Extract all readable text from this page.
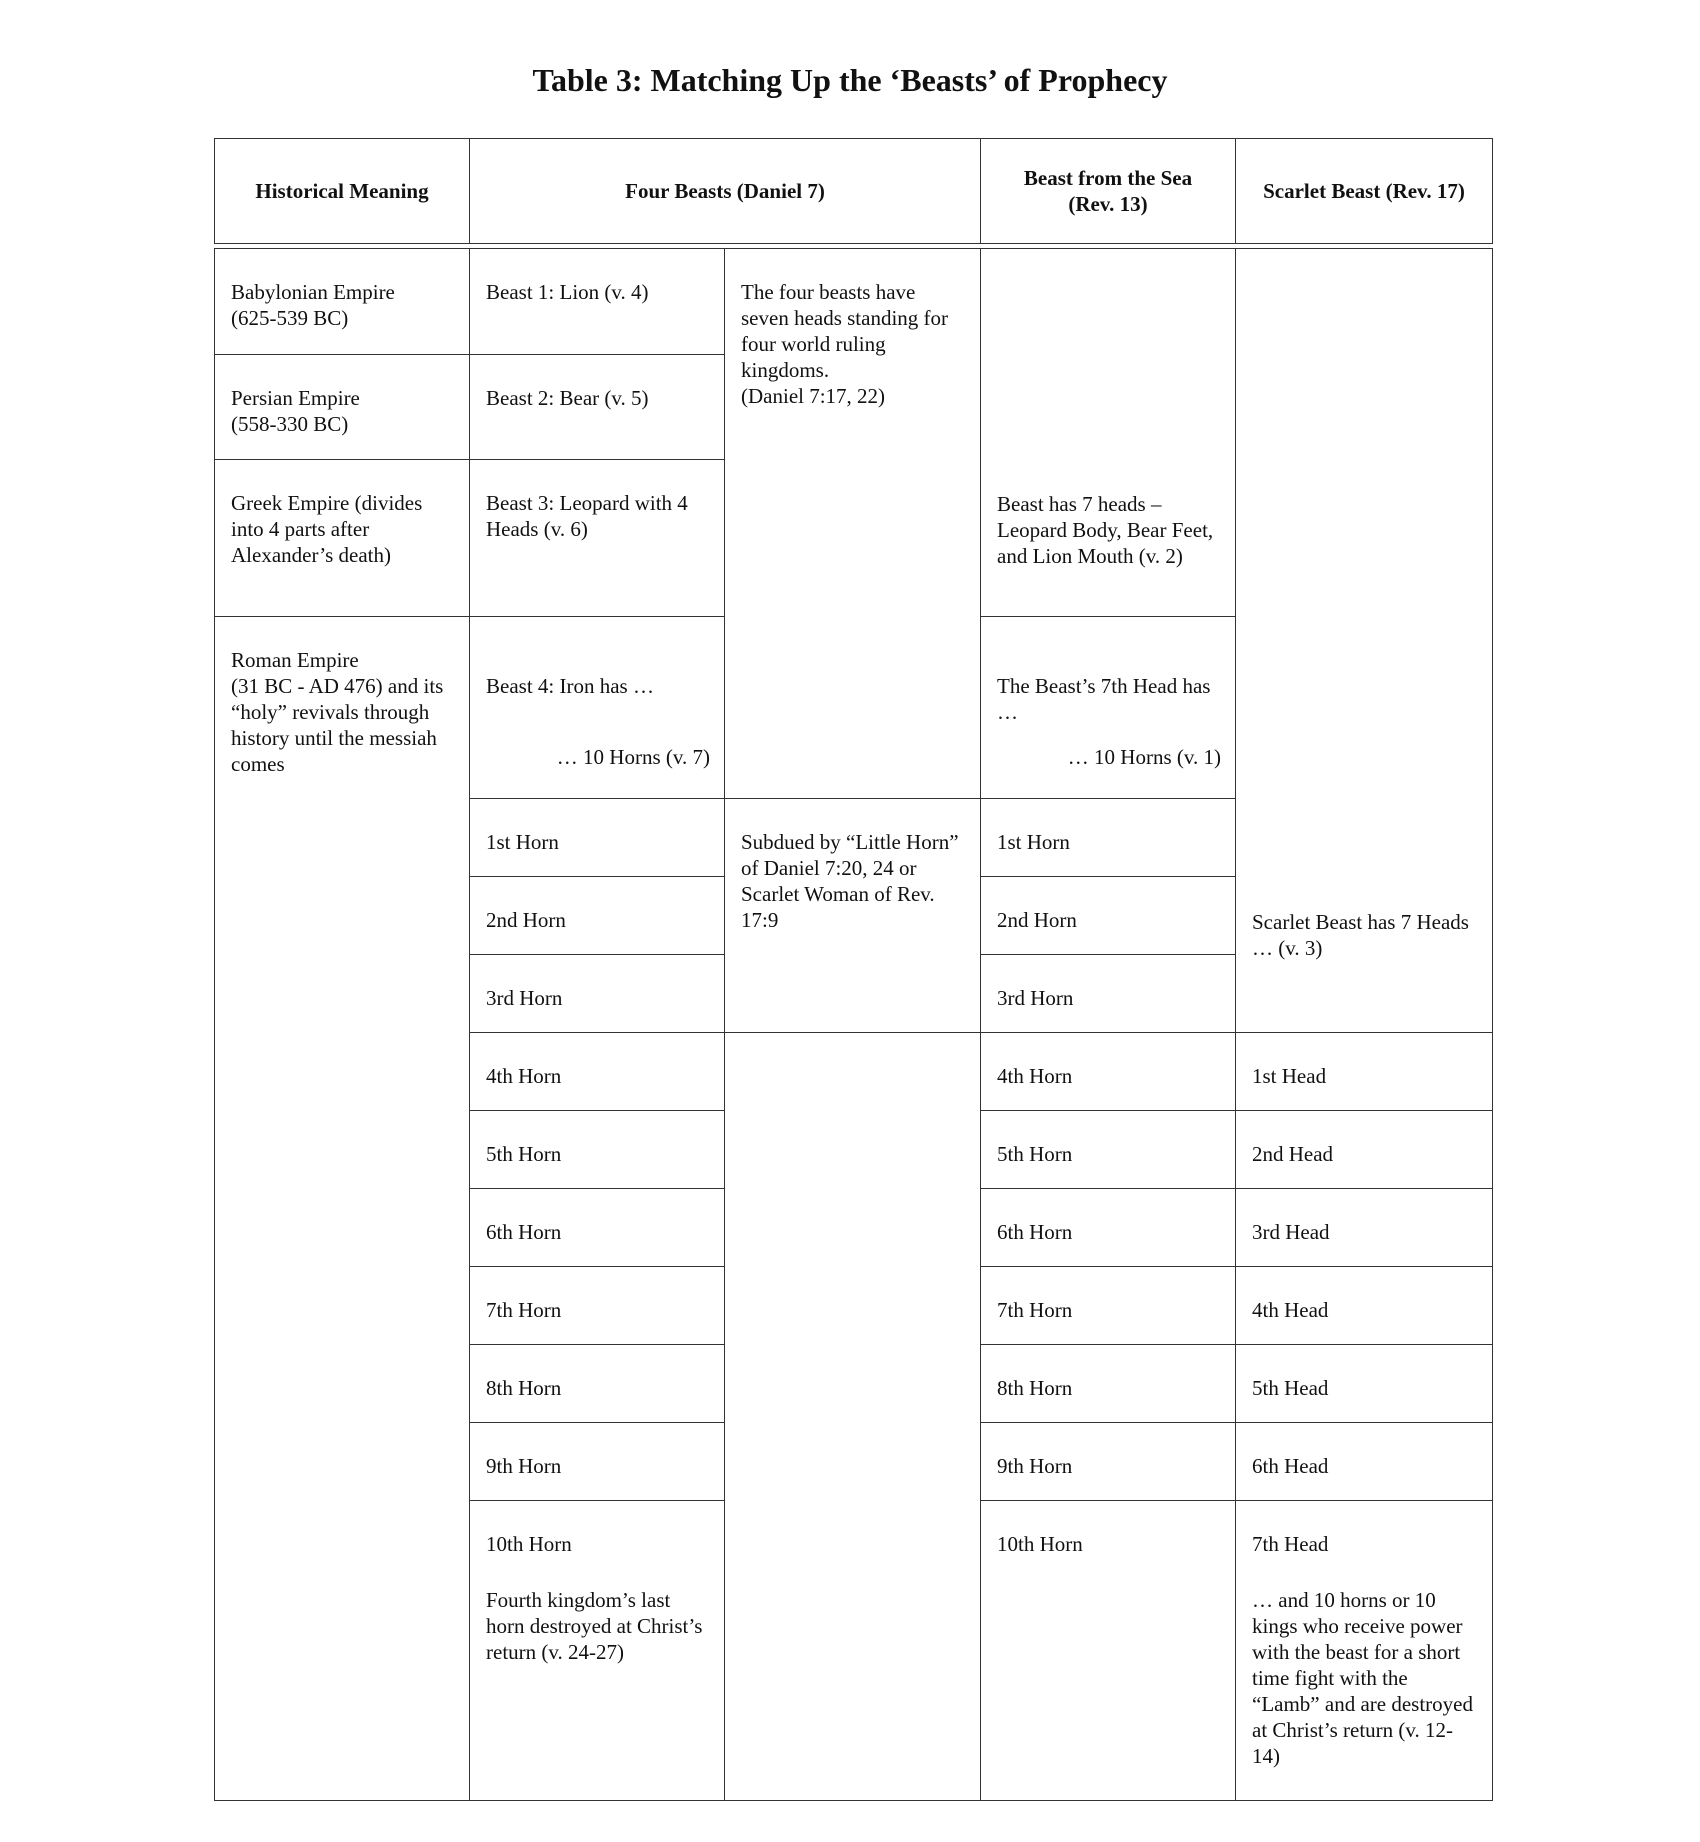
Table 3: Matching Up the ‘Beasts’ of Prophecy
Historical Meaning	Four Beasts (Daniel 7)
Beast from the Sea
(Rev. 13)
Scarlet Beast (Rev. 17)
Babylonian Empire
(625-539 BC)
Persian Empire
(558-330 BC)
Greek Empire (divides into 4 parts after Alexander’s death)
Roman Empire
(31 BC - AD 476) and its “holy” revivals through history until the messiah comes
Beast 1: Lion (v. 4)
Beast 2: Bear (v. 5)
Beast 3: Leopard with 4 Heads (v. 6)

Beast 4: Iron has …

… 10 Horns (v. 7)

1st Horn
2nd Horn
3rd Horn
4th Horn
5th Horn
6th Horn
7th Horn
8th Horn
9th Horn
10th Horn
Fourth kingdom’s last horn destroyed at Christ’s return (v. 24-27)
The four beasts have seven heads standing for four world ruling kingdoms.
(Daniel 7:17, 22)
Subdued by “Little Horn” of Daniel 7:20, 24 or Scarlet Woman of Rev. 17:9

Beast has 7 heads – Leopard Body, Bear Feet, and Lion Mouth (v. 2)

The Beast’s 7th Head has …

… 10 Horns (v. 1)

1st Horn
2nd Horn
3rd Horn
4th Horn
5th Horn
6th Horn
7th Horn
8th Horn
9th Horn
10th Horn

Scarlet Beast has 7 Heads … (v. 3)

1st Head
2nd Head
3rd Head
4th Head
5th Head
6th Head
7th Head
… and 10 horns or 10 kings who receive power with the beast for a short time fight with the “Lamb” and are destroyed at Christ’s return (v. 12-14)
